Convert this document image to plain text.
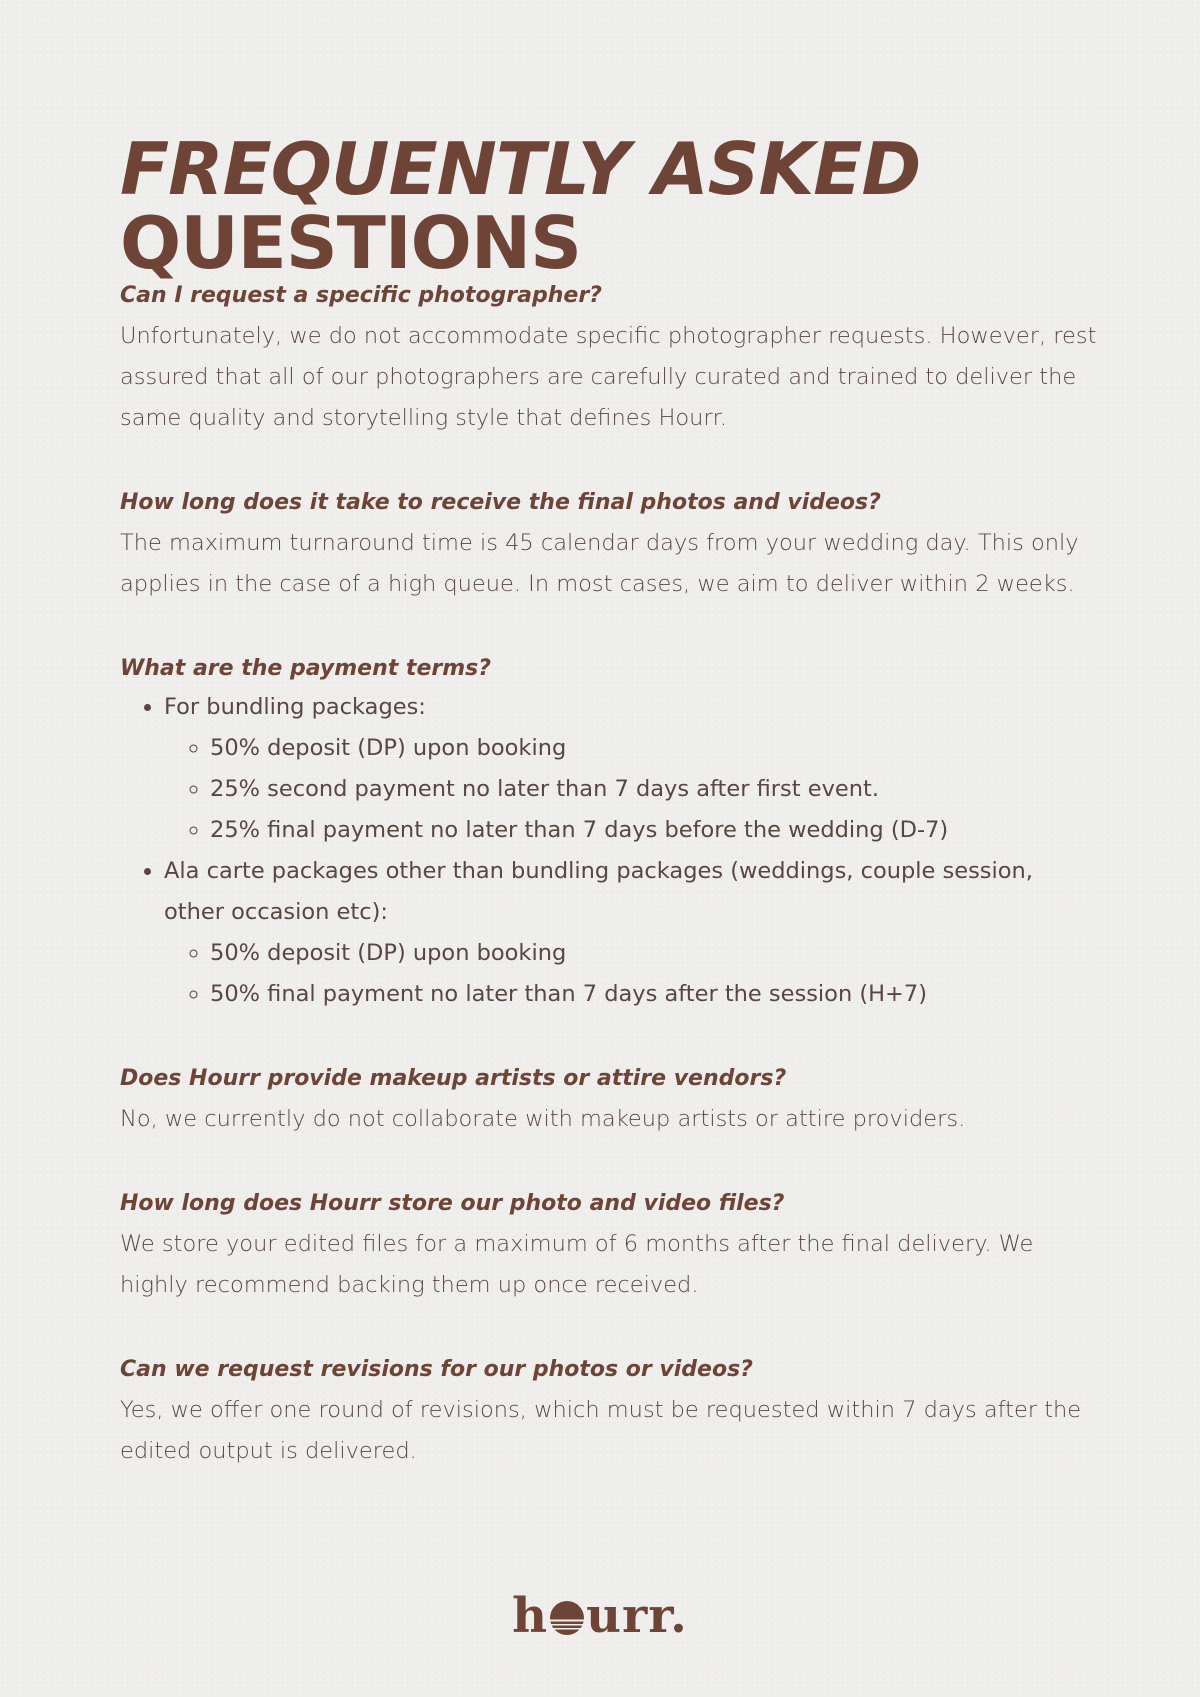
FREQUENTLY ASKED
QUESTIONS

Can I request a specific photographer?

Unfortunately, we do not accommodate specific photographer requests. However, rest assured that all of our photographers are carefully curated and trained to deliver the same quality and storytelling style that defines Hourr.

How long does it take to receive the final photos and videos?

The maximum turnaround time is 45 calendar days from your wedding day. This only applies in the case of a high queue. In most cases, we aim to deliver within 2 weeks.

What are the payment terms?

• For bundling packages:
◦ 50% deposit (DP) upon booking
◦ 25% second payment no later than 7 days after first event.
◦ 25% final payment no later than 7 days before the wedding (D-7)
• Ala carte packages other than bundling packages (weddings, couple session, other occasion etc):
◦ 50% deposit (DP) upon booking
◦ 50% final payment no later than 7 days after the session (H+7)

Does Hourr provide makeup artists or attire vendors?

No, we currently do not collaborate with makeup artists or attire providers.

How long does Hourr store our photo and video files?

We store your edited files for a maximum of 6 months after the final delivery. We highly recommend backing them up once received.

Can we request revisions for our photos or videos?

Yes, we offer one round of revisions, which must be requested within 7 days after the edited output is delivered.

h urr.
